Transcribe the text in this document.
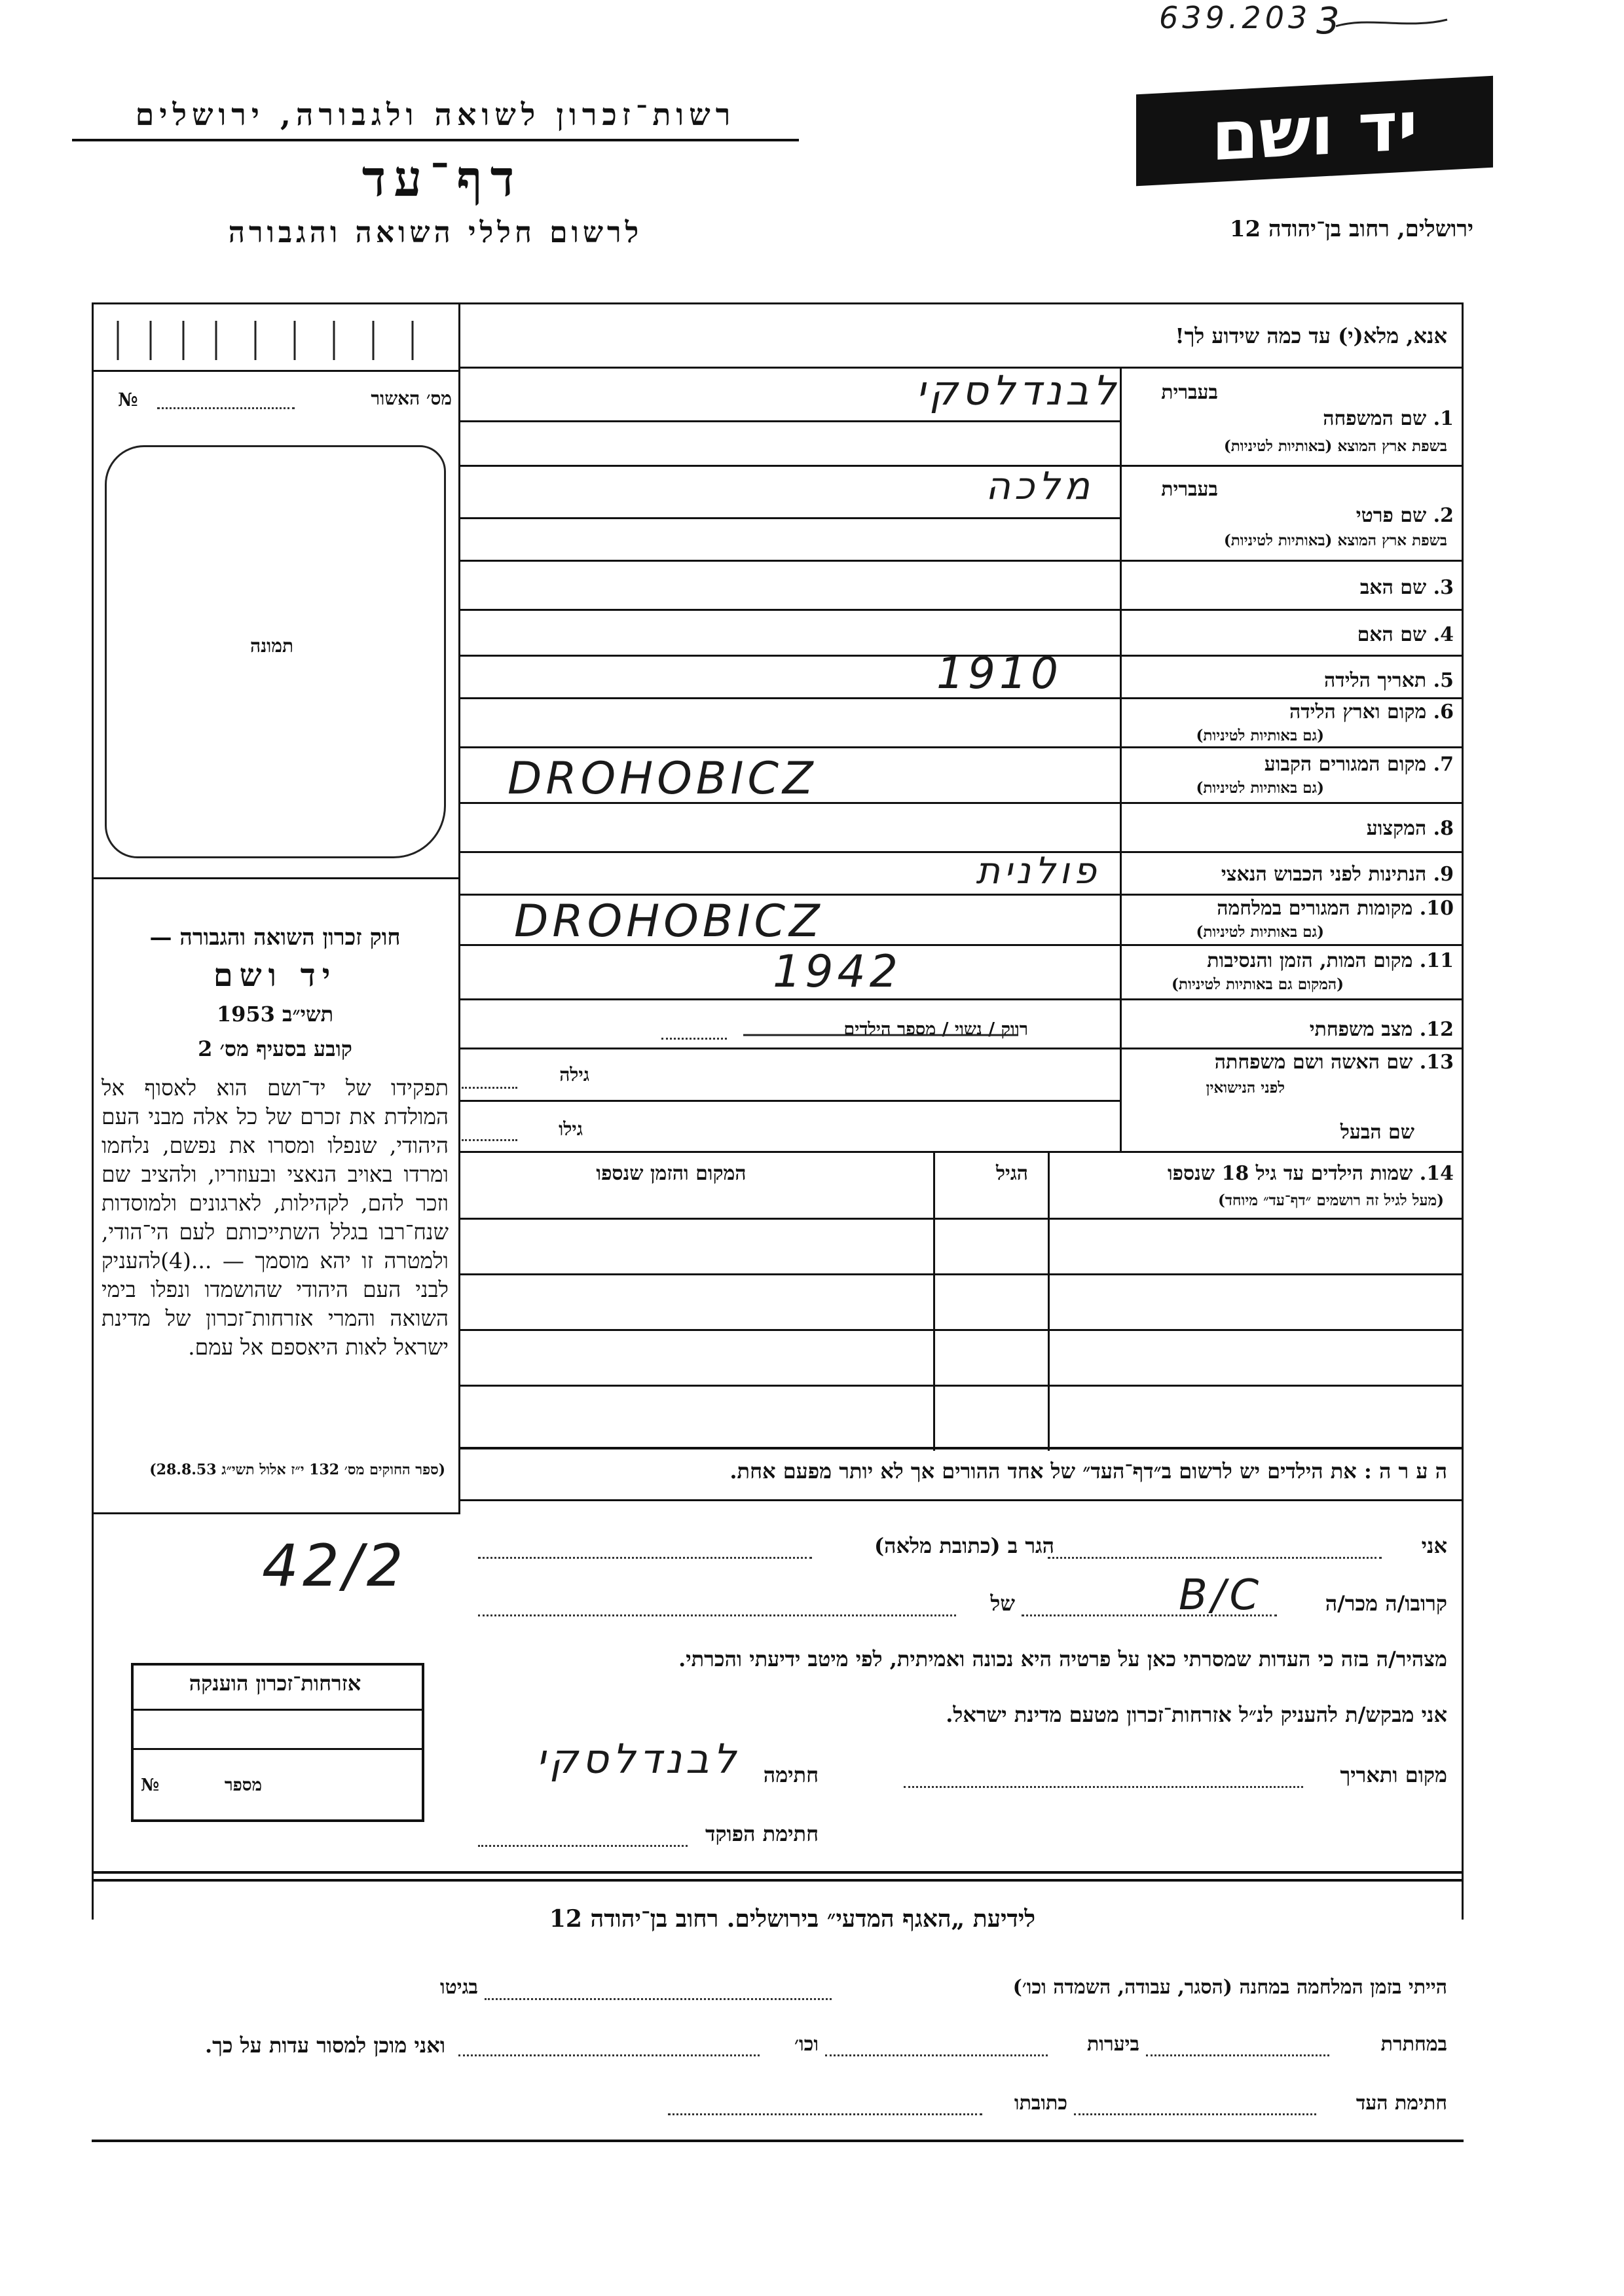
639.203 3
רשות־זכרון לשואה ולגבורה, ירושלים
דף־עד
לרשום חללי השואה והגבורה
יד ושם
ירושלים, רחוב בן־יהודה 12
מס׳ האשור
№
תמונה
חוק זכרון השואה והגבורה —
יד ושם
תשי״ב 1953
קובע בסעיף מס׳ 2
תפקידו של יד־ושם הוא לאסוף אל המולדת את זכרם של כל אלה מבני העם היהודי, שנפלו ומסרו את נפשם, נלחמו ומרדו באויב הנאצי ובעוזריו, ולהציב שם וזכר להם, לקהילות, לארגונים ולמוסדות שנח־רבו בגלל השתייכותם לעם הי־הודי, ולמטרה זו יהא מוסמך — ...(4)להעניק לבני העם היהודי שהושמדו ונפלו בימי השואה והמרי אזרחות־זכרון של מדינת ישראל לאות היאספם אל עמם.
(ספר החוקים מס׳ 132 י״ז אלול תשי״ג 28.8.53)
אנא, מלא(י) עד כמה שידוע לך!
בעברית
1. שם המשפחה
בשפת ארץ המוצא (באותיות לטיניות)
לבנדלסקי
בעברית
2. שם פרטי
בשפת ארץ המוצא (באותיות לטיניות)
מלכה
3. שם האב
4. שם האם
5. תאריך הלידה
1910
6. מקום וארץ הלידה
(גם באותיות לטיניות)
7. מקום המגורים הקבוע
(גם באותיות לטיניות)
DROHOBICZ
8. המקצוע
9. הנתינות לפני הכבוש הנאצי
פולנית
10. מקומות המגורים במלחמה
(גם באותיות לטיניות)
DROHOBICZ
11. מקום המות, הזמן והנסיבות
(המקום גם באותיות לטיניות)
1942
12. מצב משפחתי
רווק / נשוי / מספר הילדים
13. שם האשה ושם משפחתה
לפני הנישואין
גילה
שם הבעל
גילו
14. שמות הילדים עד גיל 18 שנספו
(מעל לגיל זה רושמים ״דף־עד״ מיוחד)
הגיל
המקום והזמן שנספו
ה ע ר ה : את הילדים יש לרשום ב״דף־העד״ של אחד ההורים אך לא יותר מפעם אחת.
אני
הגר ב (כתובת מלאה)
קרובו/ה מכר/ה
B/C
של
מצהיר/ה בזה כי העדות שמסרתי כאן על פרטיה היא נכונה ואמיתית, לפי מיטב ידיעתי והכרתי.
אני מבקש/ת להעניק לנ״ל אזרחות־זכרון מטעם מדינת ישראל.
מקום ותאריך
חתימה
לבנדלסקי
חתימת הפוקד
42/2
אזרחות־זכרון הוענקה
מספר
№
לידיעת „האגף המדעי״ בירושלים. רחוב בן־יהודה 12
הייתי בזמן המלחמה במחנה (הסגר, עבודה, השמדה וכו׳)
בגיטו
במחתרת
ביערות
וכו׳
ואני מוכן למסור עדות על כך.
חתימת העד
כתובתו
